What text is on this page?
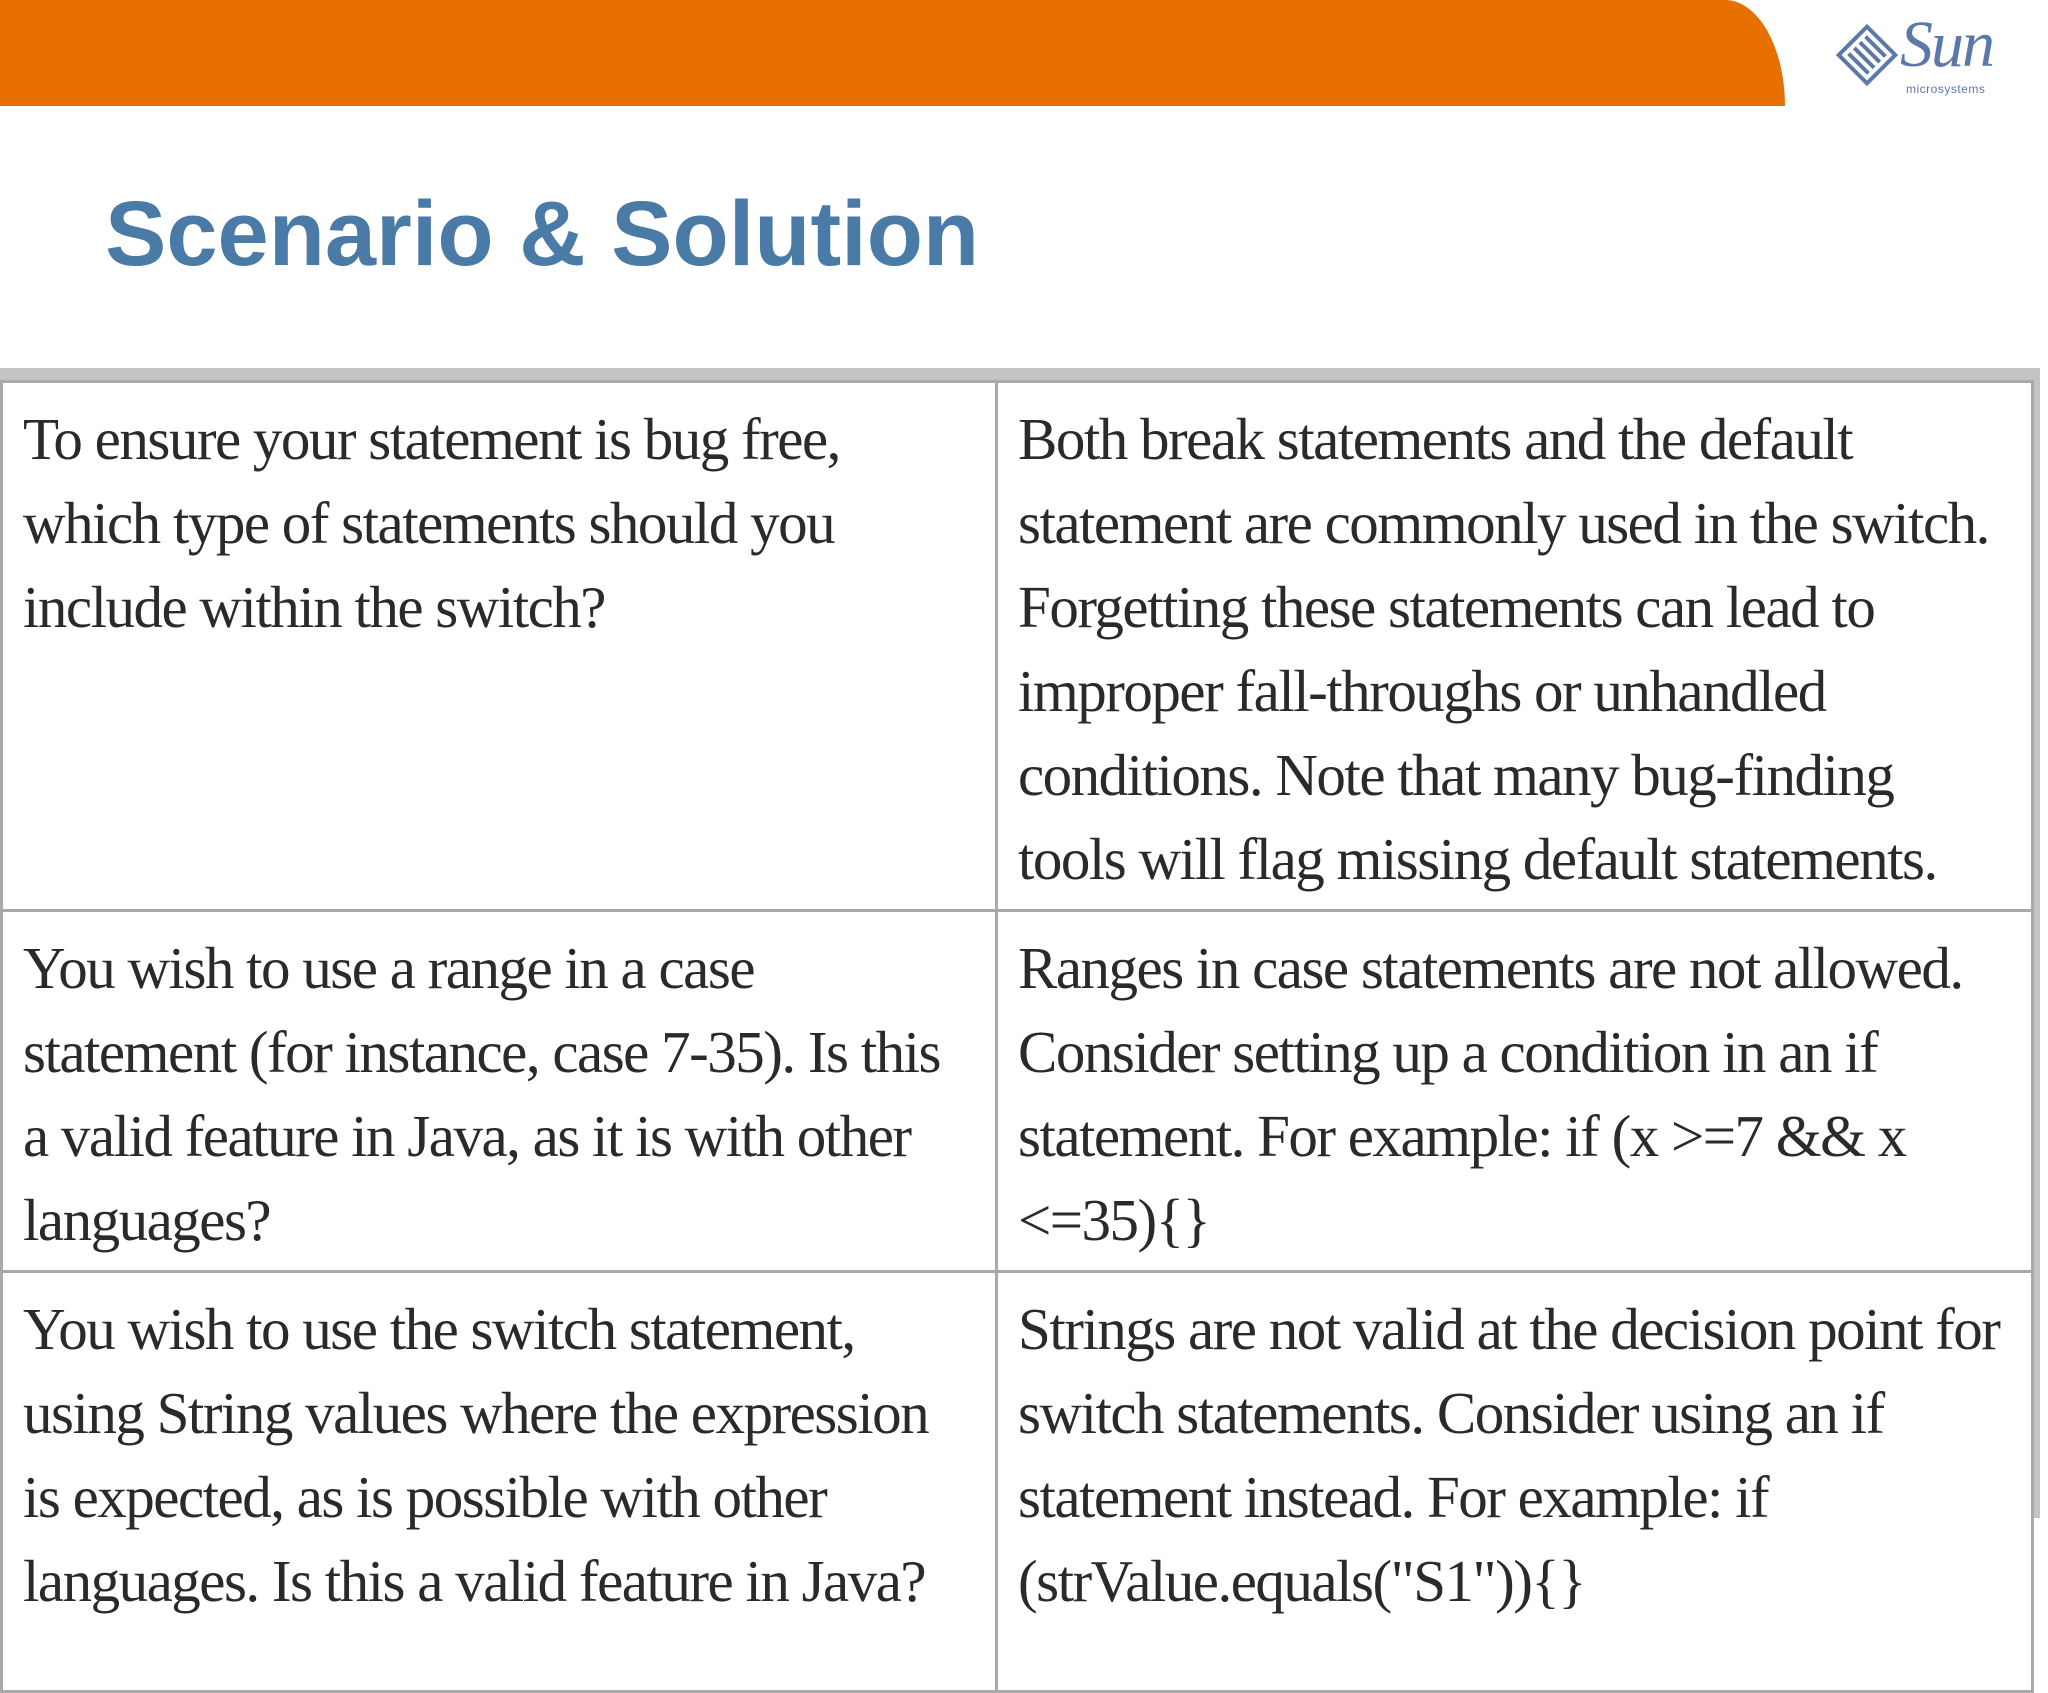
Sun
microsystems
Scenario & Solution
To ensure your statement is bug free, which type of statements should you include within the switch?	Both break statements and the default statement are commonly used in the switch. Forgetting these statements can lead to improper fall-throughs or unhandled conditions. Note that many bug-finding tools will flag missing default statements.
You wish to use a range in a case statement (for instance, case 7-35). Is this a valid feature in Java, as it is with other languages?	Ranges in case statements are not allowed. Consider setting up a condition in an if statement. For example: if (x >=7 && x <=35){}
You wish to use the switch statement, using String values where the expression is expected, as is possible with other languages. Is this a valid feature in Java?	Strings are not valid at the decision point for switch statements. Consider using an if statement instead. For example: if (strValue.equals("S1")){}
